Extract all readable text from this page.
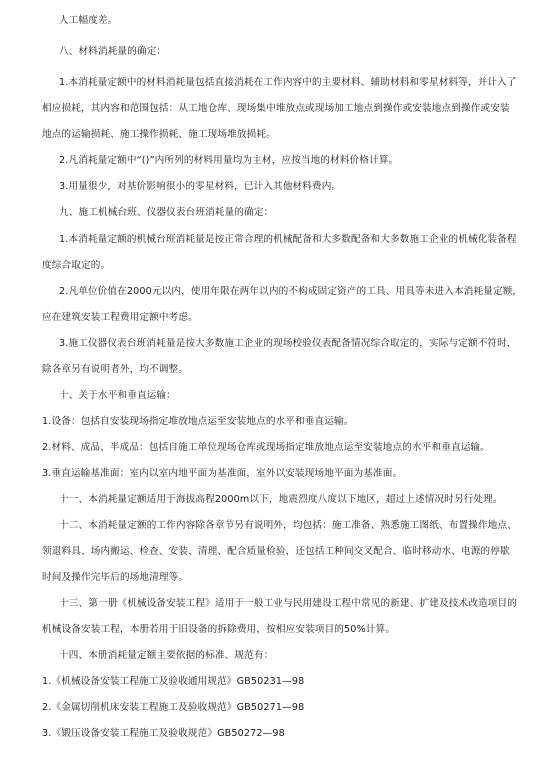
人工幅度差。
八、材料消耗量的确定：
1.本消耗量定额中的材料消耗量包括直接消耗在工作内容中的主要材料、辅助材料和零星材料等，并计入了
相应损耗，其内容和范围包括：从工地仓库、现场集中堆放点或现场加工地点到操作或安装地点到操作或安装
地点的运输损耗、施工操作损耗、施工现场堆放损耗。
2.凡消耗量定额中“()”内所列的材料用量均为主材，应按当地的材料价格计算。
3.用量很少，对基价影响很小的零星材料，已计入其他材料费内。
九、施工机械台班、仪器仪表台班消耗量的确定：
1.本消耗量定额的机械台班消耗量是按正常合理的机械配备和大多数配备和大多数施工企业的机械化装备程
度综合取定的。
2.凡单位价值在2000元以内，使用年限在两年以内的不构成固定资产的工具、用具等未进入本消耗量定额，
应在建筑安装工程费用定额中考虑。
3.施工仪器仪表台班消耗量是按大多数施工企业的现场校验仪表配备情况综合取定的，实际与定额不符时，
除各章另有说明者外，均不调整。
十、关于水平和垂直运输：
1.设备：包括自安装现场指定堆放地点运至安装地点的水平和垂直运输。
2.材料、成品、半成品：包括自施工单位现场仓库或现场指定堆放地点运至安装地点的水平和垂直运输。
3.垂直运输基准面：室内以室内地平面为基准面，室外以安装现场地平面为基准面。
十一、本消耗量定额适用于海拔高程2000m以下，地震烈度八度以下地区，超过上述情况时另行处理。
十二、本消耗量定额的工作内容除各章节另有说明外，均包括：施工准备、熟悉施工图纸、布置操作地点、
领退料具、场内搬运、检查、安装、清理、配合质量检验，还包括工种间交叉配合、临时移动水、电源的停歇
时间及操作完毕后的场地清理等。
十三、第一册《机械设备安装工程》适用于一般工业与民用建设工程中常见的新建、扩建及技术改造项目的
机械设备安装工程，本册若用于旧设备的拆除费用，按相应安装项目的50%计算。
十四、本册消耗量定额主要依据的标准、规范有：
1.《机械设备安装工程施工及验收通用规范》GB50231—98
2.《金属切削机床安装工程施工及验收规范》GB50271—98
3.《锻压设备安装工程施工及验收规范》GB50272—98
